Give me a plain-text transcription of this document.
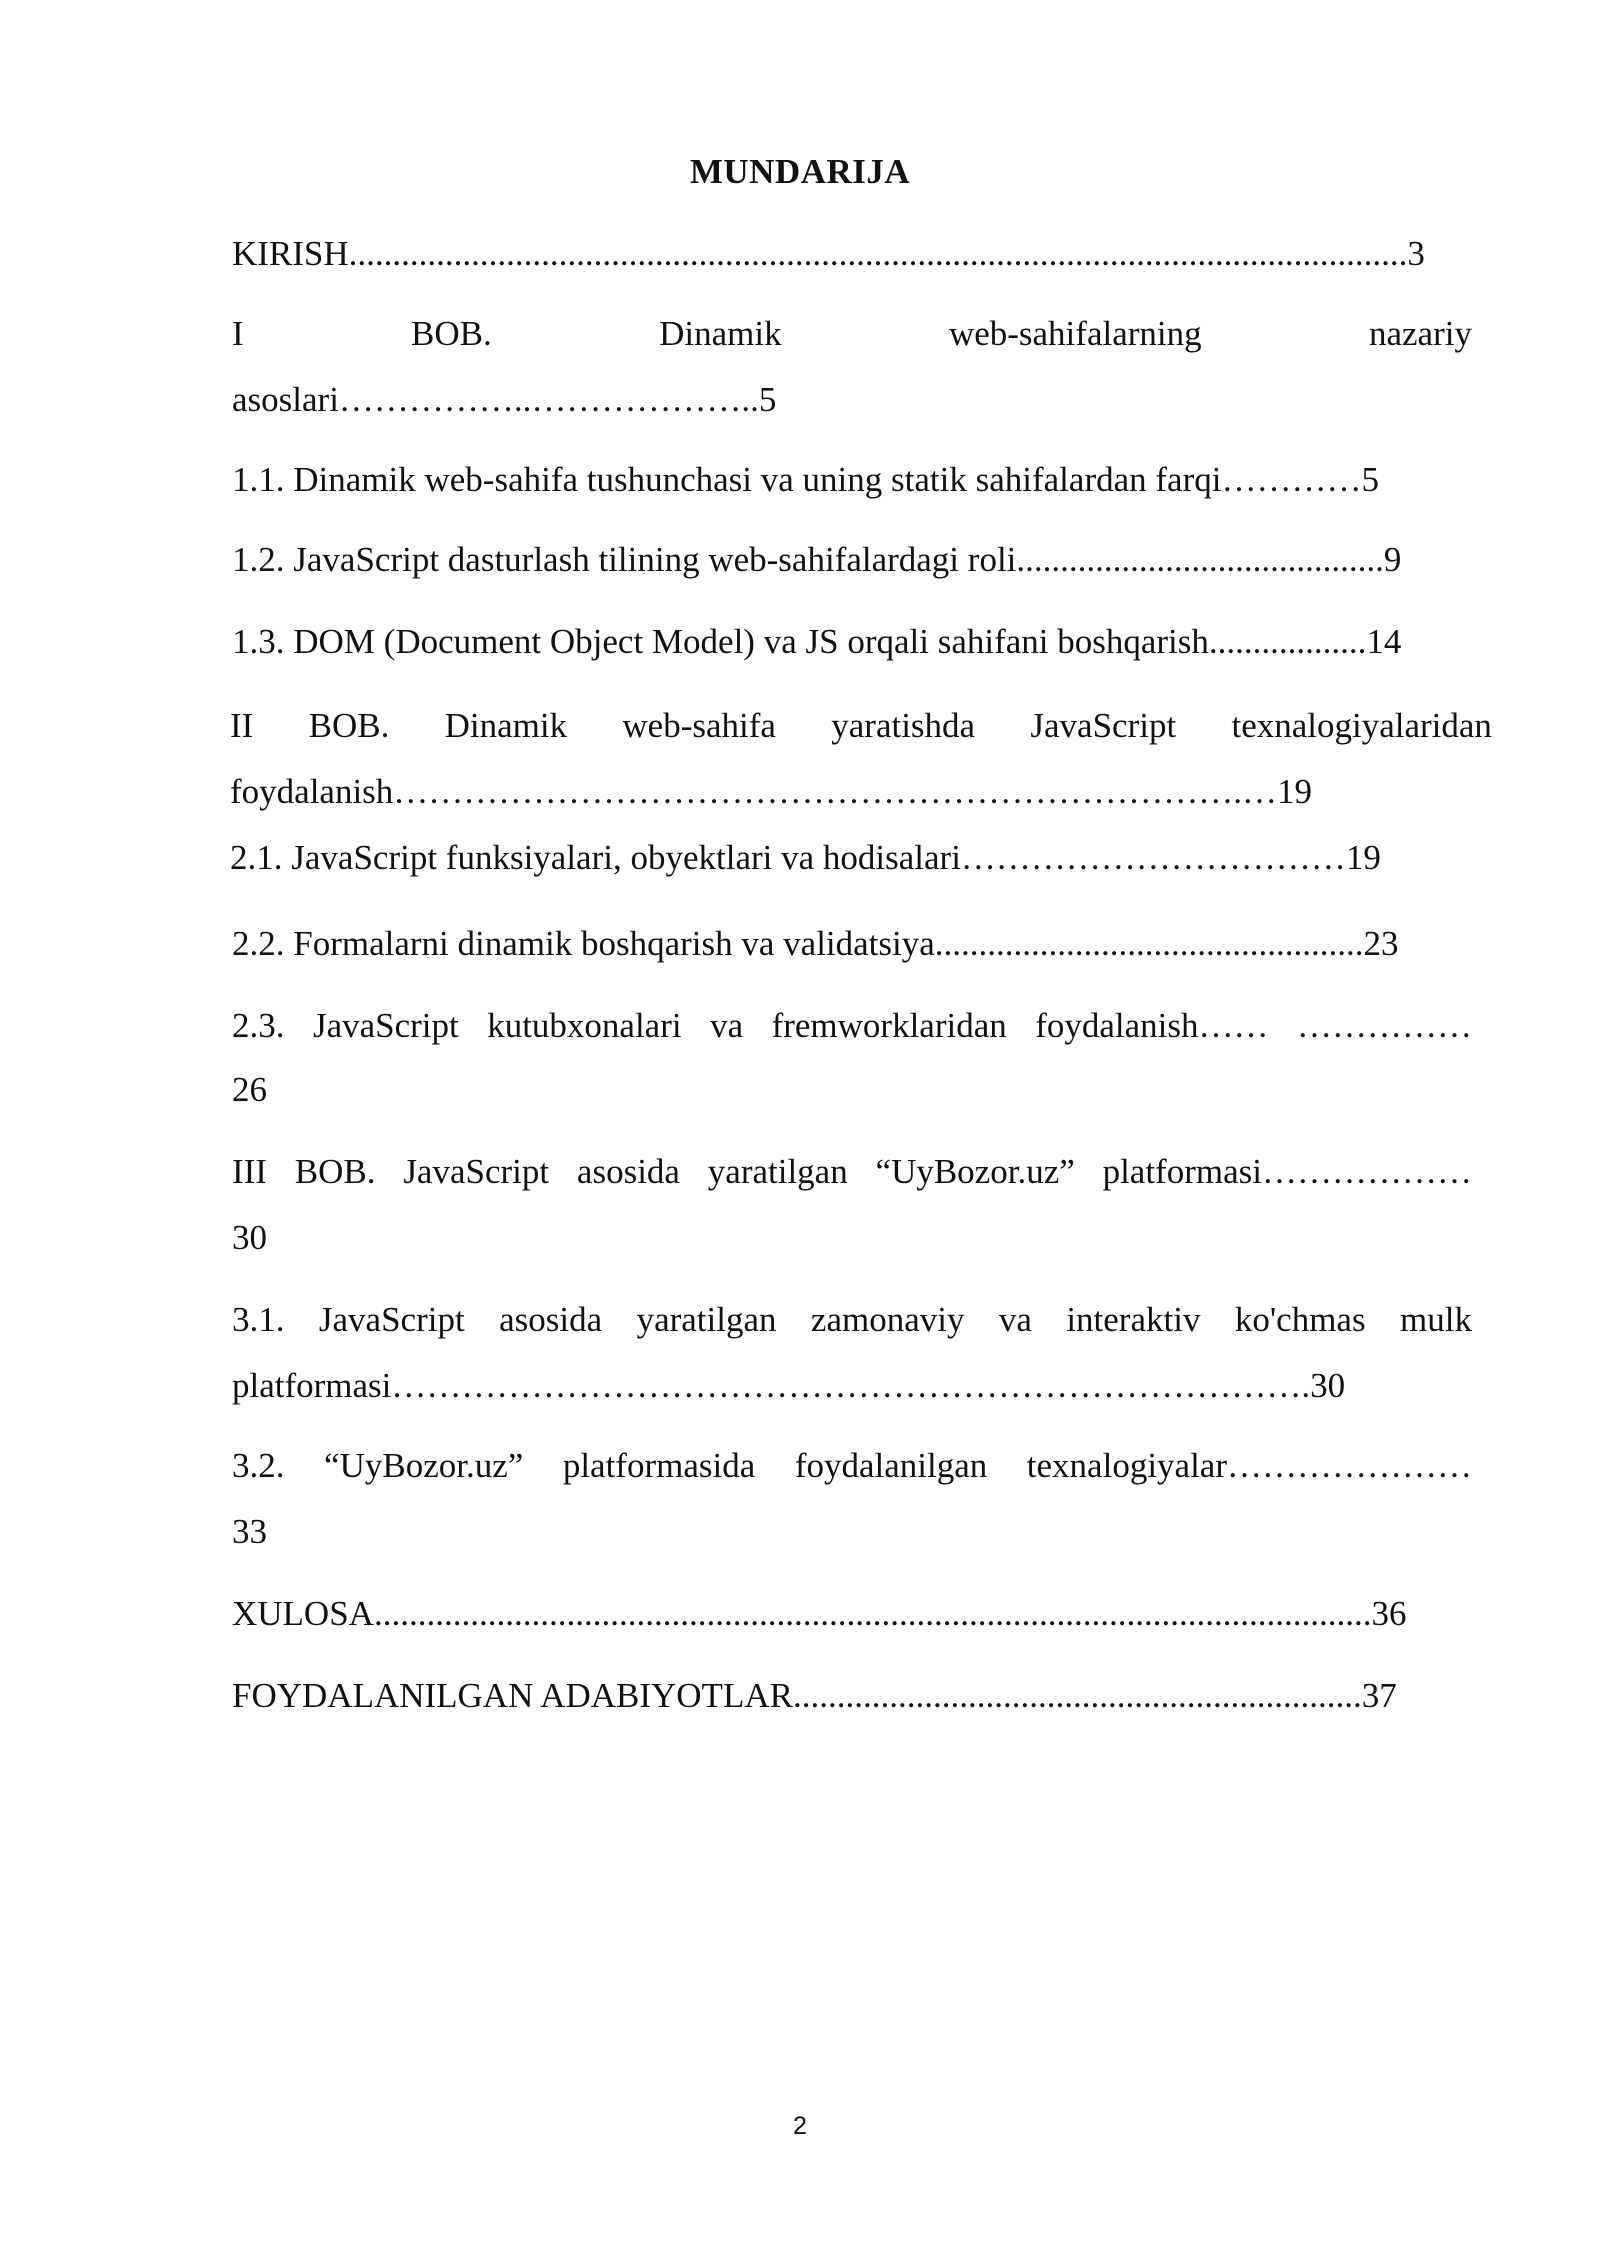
MUNDARIJA
KIRISH.........................................................................................................................3
I	BOB.	Dinamik	web-sahifalarning	nazariy
asoslari……………..………………..5
1.1. Dinamik web-sahifa tushunchasi va uning statik sahifalardan farqi…………5
1.2. JavaScript dasturlash tilining web-sahifalardagi roli..........................................9
1.3. DOM (Document Object Model) va JS orqali sahifani boshqarish..................14
II BOB. Dinamik web-sahifa yaratishda JavaScript texnalogiyalaridan
foydalanish……………………………………………………………….…19
2.1. JavaScript funksiyalari, obyektlari va hodisalari……………………………19
2.2. Formalarni dinamik boshqarish va validatsiya.................................................23
2.3. JavaScript kutubxonalari va fremworklaridan foydalanish…… ……………
26
III BOB. JavaScript asosida yaratilgan “UyBozor.uz” platformasi………………
30
3.1. JavaScript asosida yaratilgan zamonaviy va interaktiv ko'chmas mulk
platformasi…………………………………………………………………….30
3.2. “UyBozor.uz” platformasida foydalanilgan texnalogiyalar…………………
33
XULOSA..................................................................................................................36
FOYDALANILGAN ADABIYOTLAR.................................................................37
2
